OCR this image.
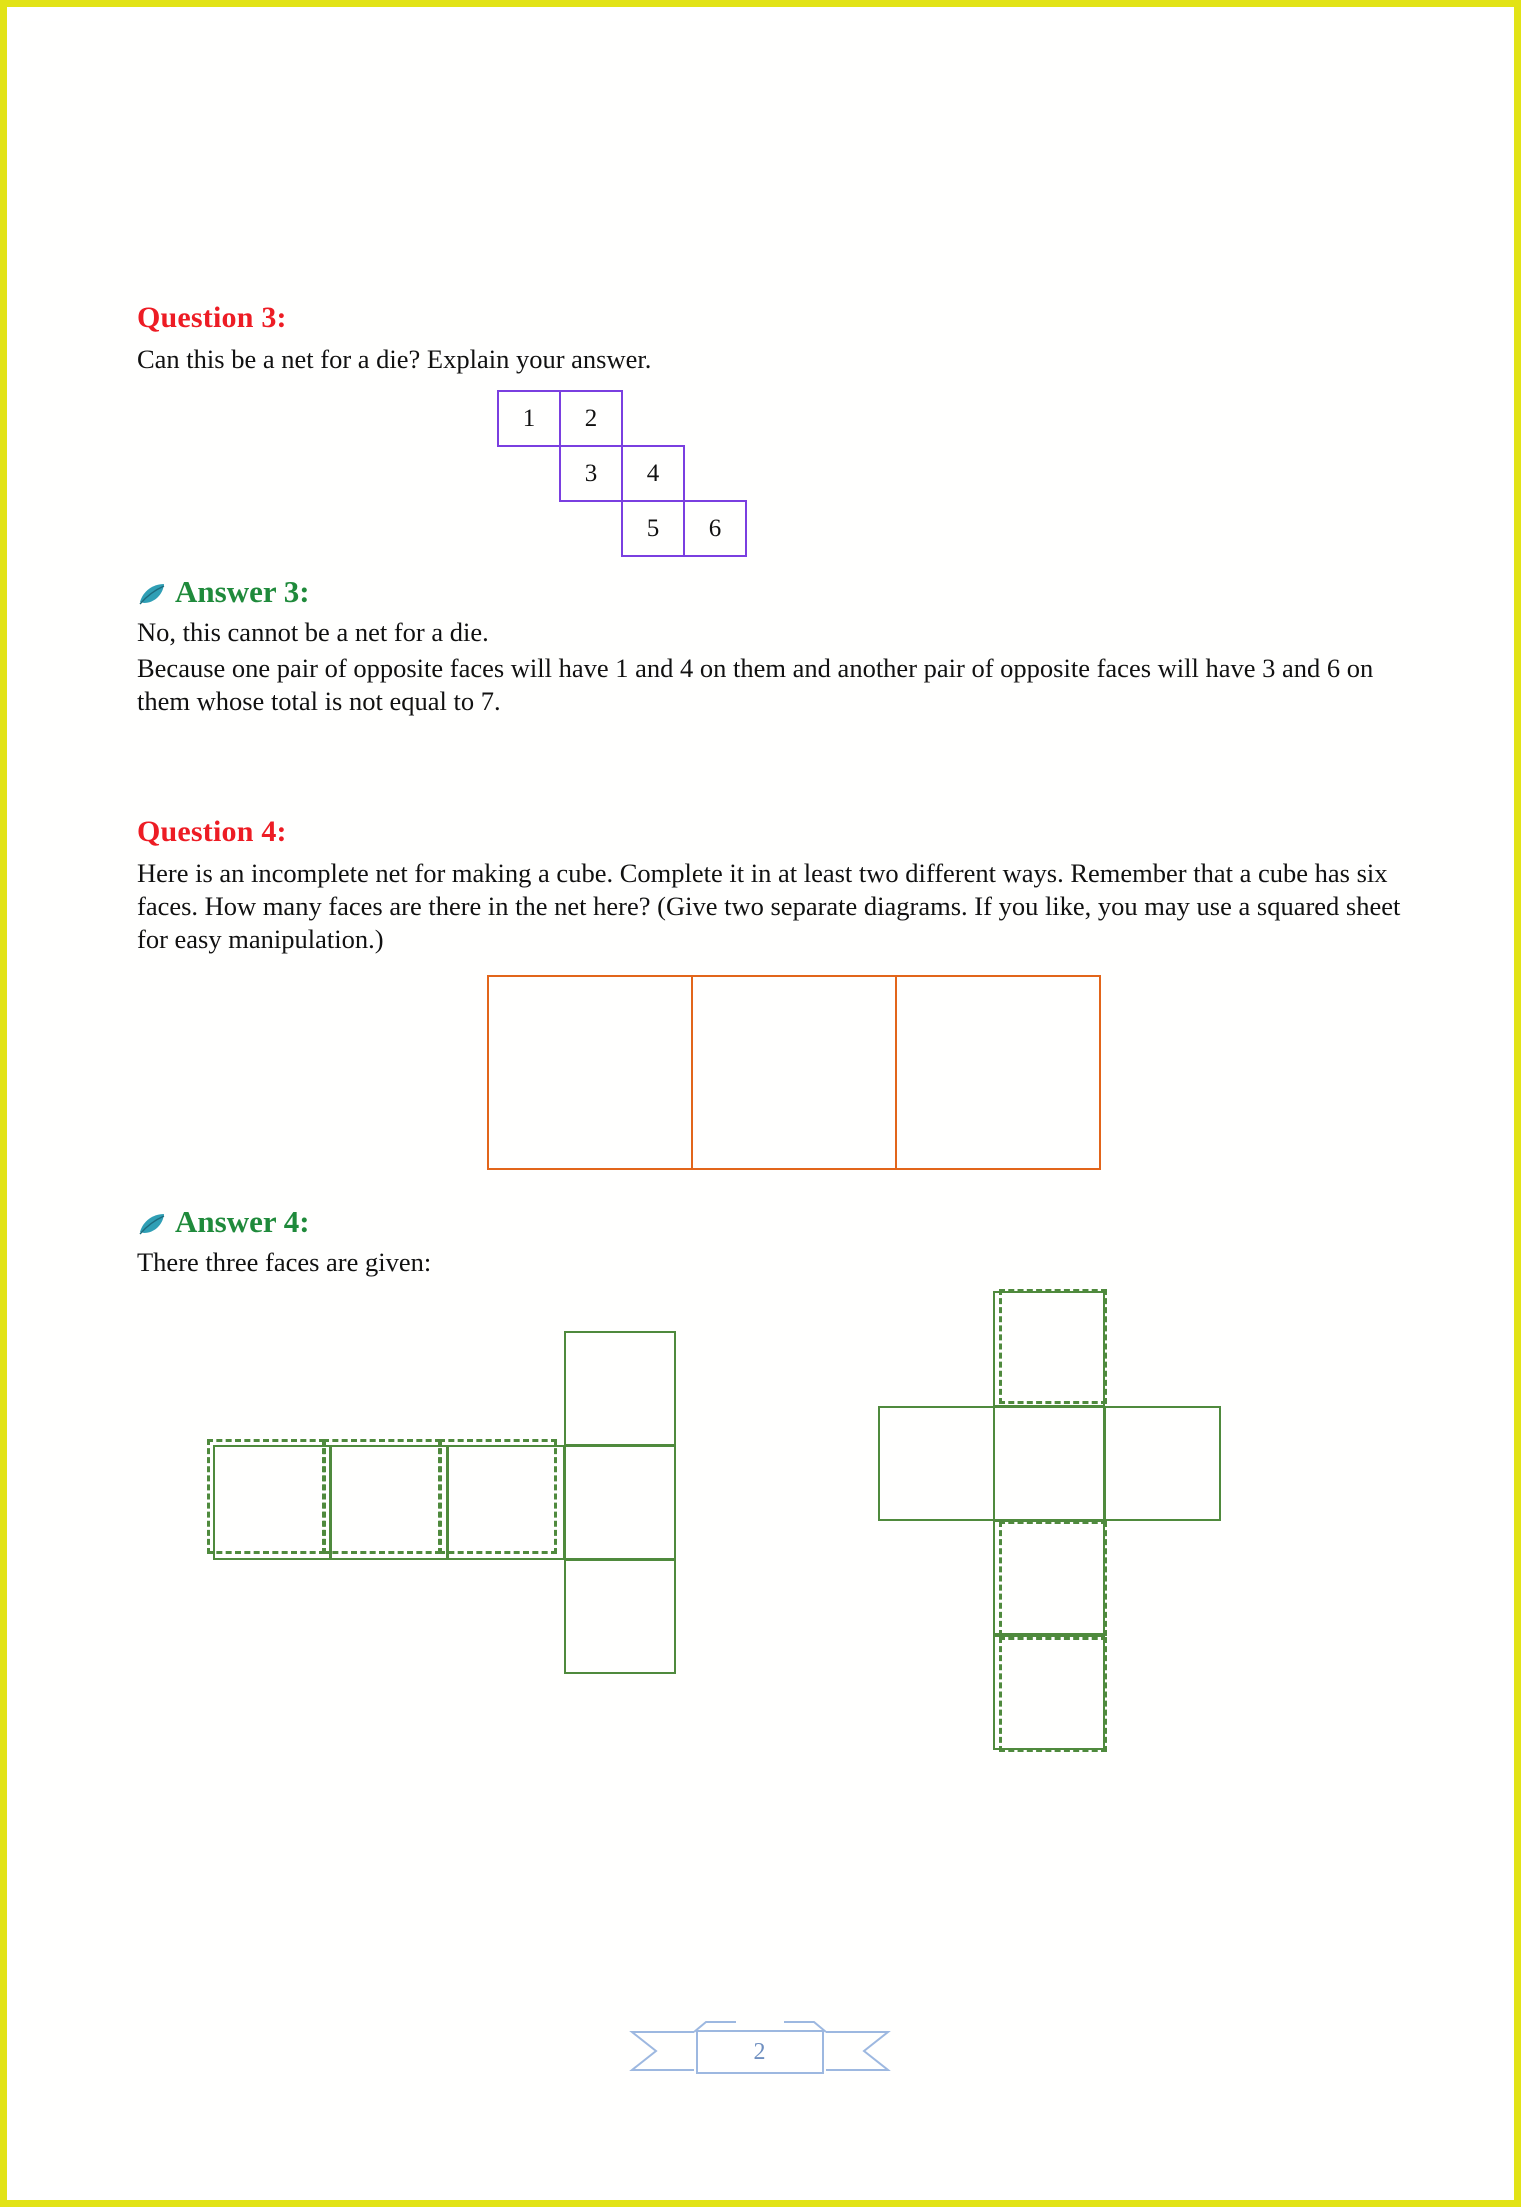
Question 3:

Can this be a net for a die? Explain your answer.

1	2
3	4
5	6
Answer 3:

No, this cannot be a net for a die.

Because one pair of opposite faces will have 1 and 4 on them and another pair of opposite faces will have 3 and 6 on them whose total is not equal to 7.

Question 4:

Here is an incomplete net for making a cube. Complete it in at least two different ways. Remember that a cube has six faces. How many faces are there in the net here? (Give two separate diagrams. If you like, you may use a squared sheet for easy manipulation.)

Answer 4:

There three faces are given:

2
